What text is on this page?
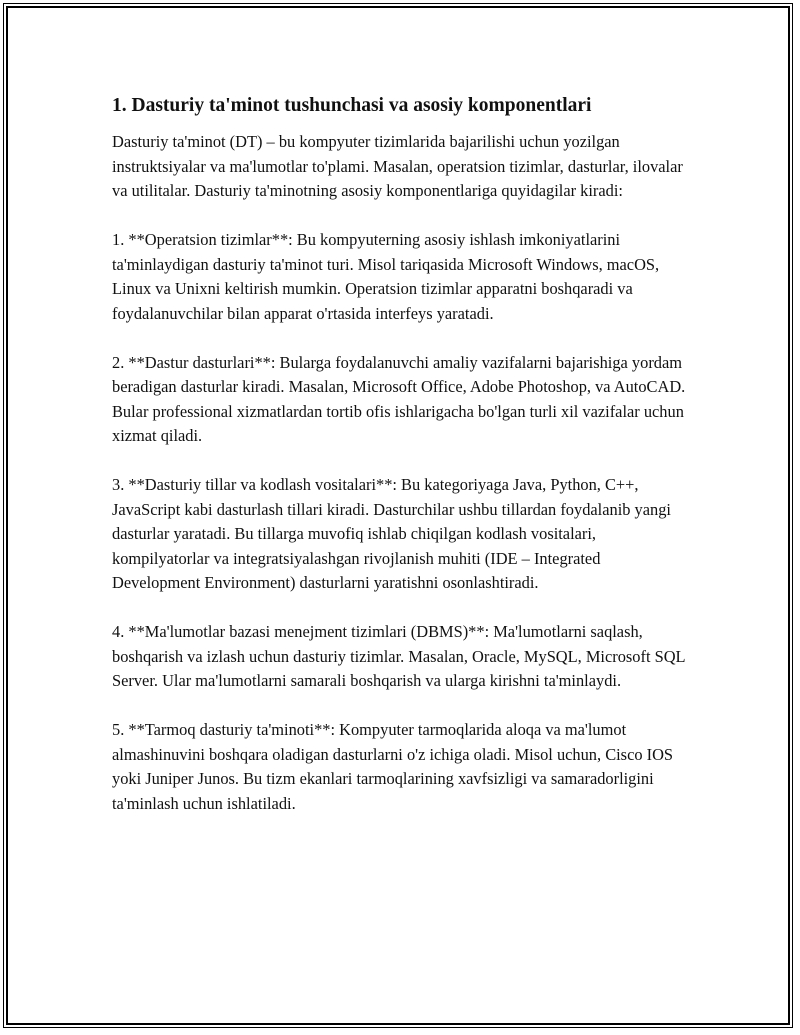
1. Dasturiy ta'minot tushunchasi va asosiy komponentlari

Dasturiy ta'minot (DT) – bu kompyuter tizimlarida bajarilishi uchun yozilgan instruktsiyalar va ma'lumotlar to'plami. Masalan, operatsion tizimlar, dasturlar, ilovalar va utilitalar. Dasturiy ta'minotning asosiy komponentlariga quyidagilar kiradi:

1. **Operatsion tizimlar**: Bu kompyuterning asosiy ishlash imkoniyatlarini ta'minlaydigan dasturiy ta'minot turi. Misol tariqasida Microsoft Windows, macOS, Linux va Unixni keltirish mumkin. Operatsion tizimlar apparatni boshqaradi va foydalanuvchilar bilan apparat o'rtasida interfeys yaratadi.

2. **Dastur dasturlari**: Bularga foydalanuvchi amaliy vazifalarni bajarishiga yordam beradigan dasturlar kiradi. Masalan, Microsoft Office, Adobe Photoshop, va AutoCAD. Bular professional xizmatlardan tortib ofis ishlarigacha bo'lgan turli xil vazifalar uchun xizmat qiladi.

3. **Dasturiy tillar va kodlash vositalari**: Bu kategoriyaga Java, Python, C++, JavaScript kabi dasturlash tillari kiradi. Dasturchilar ushbu tillardan foydalanib yangi dasturlar yaratadi. Bu tillarga muvofiq ishlab chiqilgan kodlash vositalari, kompilyatorlar va integratsiyalashgan rivojlanish muhiti (IDE – Integrated Development Environment) dasturlarni yaratishni osonlashtiradi.

4. **Ma'lumotlar bazasi menejment tizimlari (DBMS)**: Ma'lumotlarni saqlash, boshqarish va izlash uchun dasturiy tizimlar. Masalan, Oracle, MySQL, Microsoft SQL Server. Ular ma'lumotlarni samarali boshqarish va ularga kirishni ta'minlaydi.

5. **Tarmoq dasturiy ta'minoti**: Kompyuter tarmoqlarida aloqa va ma'lumot almashinuvini boshqara oladigan dasturlarni o'z ichiga oladi. Misol uchun, Cisco IOS yoki Juniper Junos. Bu tizm ekanlari tarmoqlarining xavfsizligi va samaradorligini ta'minlash uchun ishlatiladi.
